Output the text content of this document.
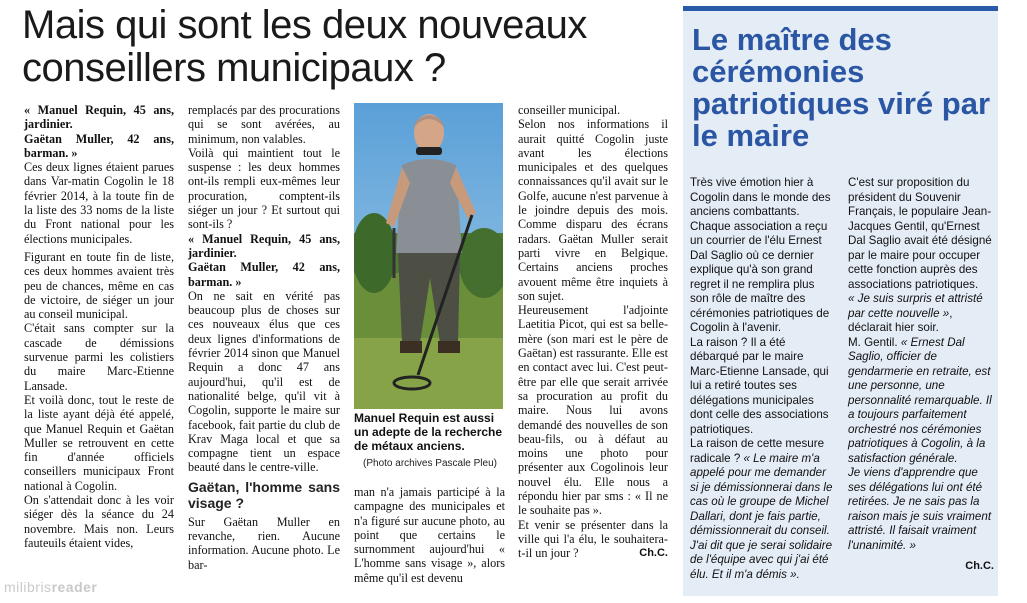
Mais qui sont les deux nouveaux conseillers municipaux ?

« Manuel Requin, 45 ans, jardinier.

Gaëtan Muller, 42 ans, barman. »

Ces deux lignes étaient parues dans Var-matin Cogolin le 18 février 2014, à la toute fin de la liste des 33 noms de la liste du Front national pour les élections municipales.

Figurant en toute fin de liste, ces deux hommes avaient très peu de chances, même en cas de victoire, de siéger un jour au conseil municipal.

C'était sans compter sur la cascade de démissions survenue parmi les colistiers du maire Marc-Etienne Lansade.

Et voilà donc, tout le reste de la liste ayant déjà été appelé, que Manuel Requin et Gaëtan Muller se retrouvent en cette fin d'année officiels conseillers municipaux Front national à Cogolin.

On s'attendait donc à les voir siéger dès la séance du 24 novembre. Mais non. Leurs fauteuils étaient vides,

remplacés par des procurations qui se sont avérées, au minimum, non valables.

Voilà qui maintient tout le suspense : les deux hommes ont-ils rempli eux-mêmes leur procuration, comptent-ils siéger un jour ? Et surtout qui sont-ils ?

« Manuel Requin, 45 ans, jardinier.

Gaëtan Muller, 42 ans, barman. »

On ne sait en vérité pas beaucoup plus de choses sur ces nouveaux élus que ces deux lignes d'informations de février 2014 sinon que Manuel Requin a donc 47 ans aujourd'hui, qu'il est de nationalité belge, qu'il vit à Cogolin, supporte le maire sur facebook, fait partie du club de Krav Maga local et que sa compagne tient un espace beauté dans le centre-ville.

Gaëtan, l'homme sans visage ?

Sur Gaëtan Muller en revanche, rien. Aucune information. Aucune photo. Le bar-

Manuel Requin est aussi un adepte de la recherche de métaux anciens.
(Photo archives Pascale Pleu)

man n'a jamais participé à la campagne des municipales et n'a figuré sur aucune photo, au point que certains le surnomment aujourd'hui « L'homme sans visage », alors même qu'il est devenu

conseiller municipal.

Selon nos informations il aurait quitté Cogolin juste avant les élections municipales et des quelques connaissances qu'il avait sur le Golfe, aucune n'est parvenue à le joindre depuis des mois. Comme disparu des écrans radars. Gaëtan Muller serait parti vivre en Belgique. Certains anciens proches avouent même être inquiets à son sujet.

Heureusement l'adjointe Laetitia Picot, qui est sa belle-mère (son mari est le père de Gaëtan) est rassurante. Elle est en contact avec lui. C'est peut-être par elle que serait arrivée sa procuration au profit du maire. Nous lui avons demandé des nouvelles de son beau-fils, ou à défaut au moins une photo pour présenter aux Cogolinois leur nouvel élu. Elle nous a répondu hier par sms : « Il ne le souhaite pas ».

Et venir se présenter dans la ville qui l'a élu, le souhaitera-t-il un jour ?	Ch.C.

Le maître des cérémonies patriotiques viré par le maire

Très vive émotion hier à Cogolin dans le monde des anciens combattants. Chaque association a reçu un courrier de l'élu Ernest Dal Saglio où ce dernier explique qu'à son grand regret il ne remplira plus son rôle de maître des cérémonies patriotiques de Cogolin à l'avenir.

La raison ? Il a été débarqué par le maire Marc-Etienne Lansade, qui lui a retiré toutes ses délégations municipales dont celle des associations patriotiques.

La raison de cette mesure radicale ? « Le maire m'a appelé pour me demander si je démissionnerai dans le cas où le groupe de Michel Dallari, dont je fais partie, démissionnerait du conseil. J'ai dit que je serai solidaire de l'équipe avec qui j'ai été élu. Et il m'a démis ».

C'est sur proposition du président du Souvenir Français, le populaire Jean-Jacques Gentil, qu'Ernest Dal Saglio avait été désigné par le maire pour occuper cette fonction auprès des associations patriotiques.

« Je suis surpris et attristé par cette nouvelle », déclarait hier soir.

M. Gentil. « Ernest Dal Saglio, officier de gendarmerie en retraite, est une personne, une personnalité remarquable. Il a toujours parfaitement orchestré nos cérémonies patriotiques à Cogolin, à la satisfaction générale.

Je viens d'apprendre que ses délégations lui ont été retirées. Je ne sais pas la raison mais je suis vraiment attristé. Il faisait vraiment l'unanimité. »

Ch.C.

milibrisreader
